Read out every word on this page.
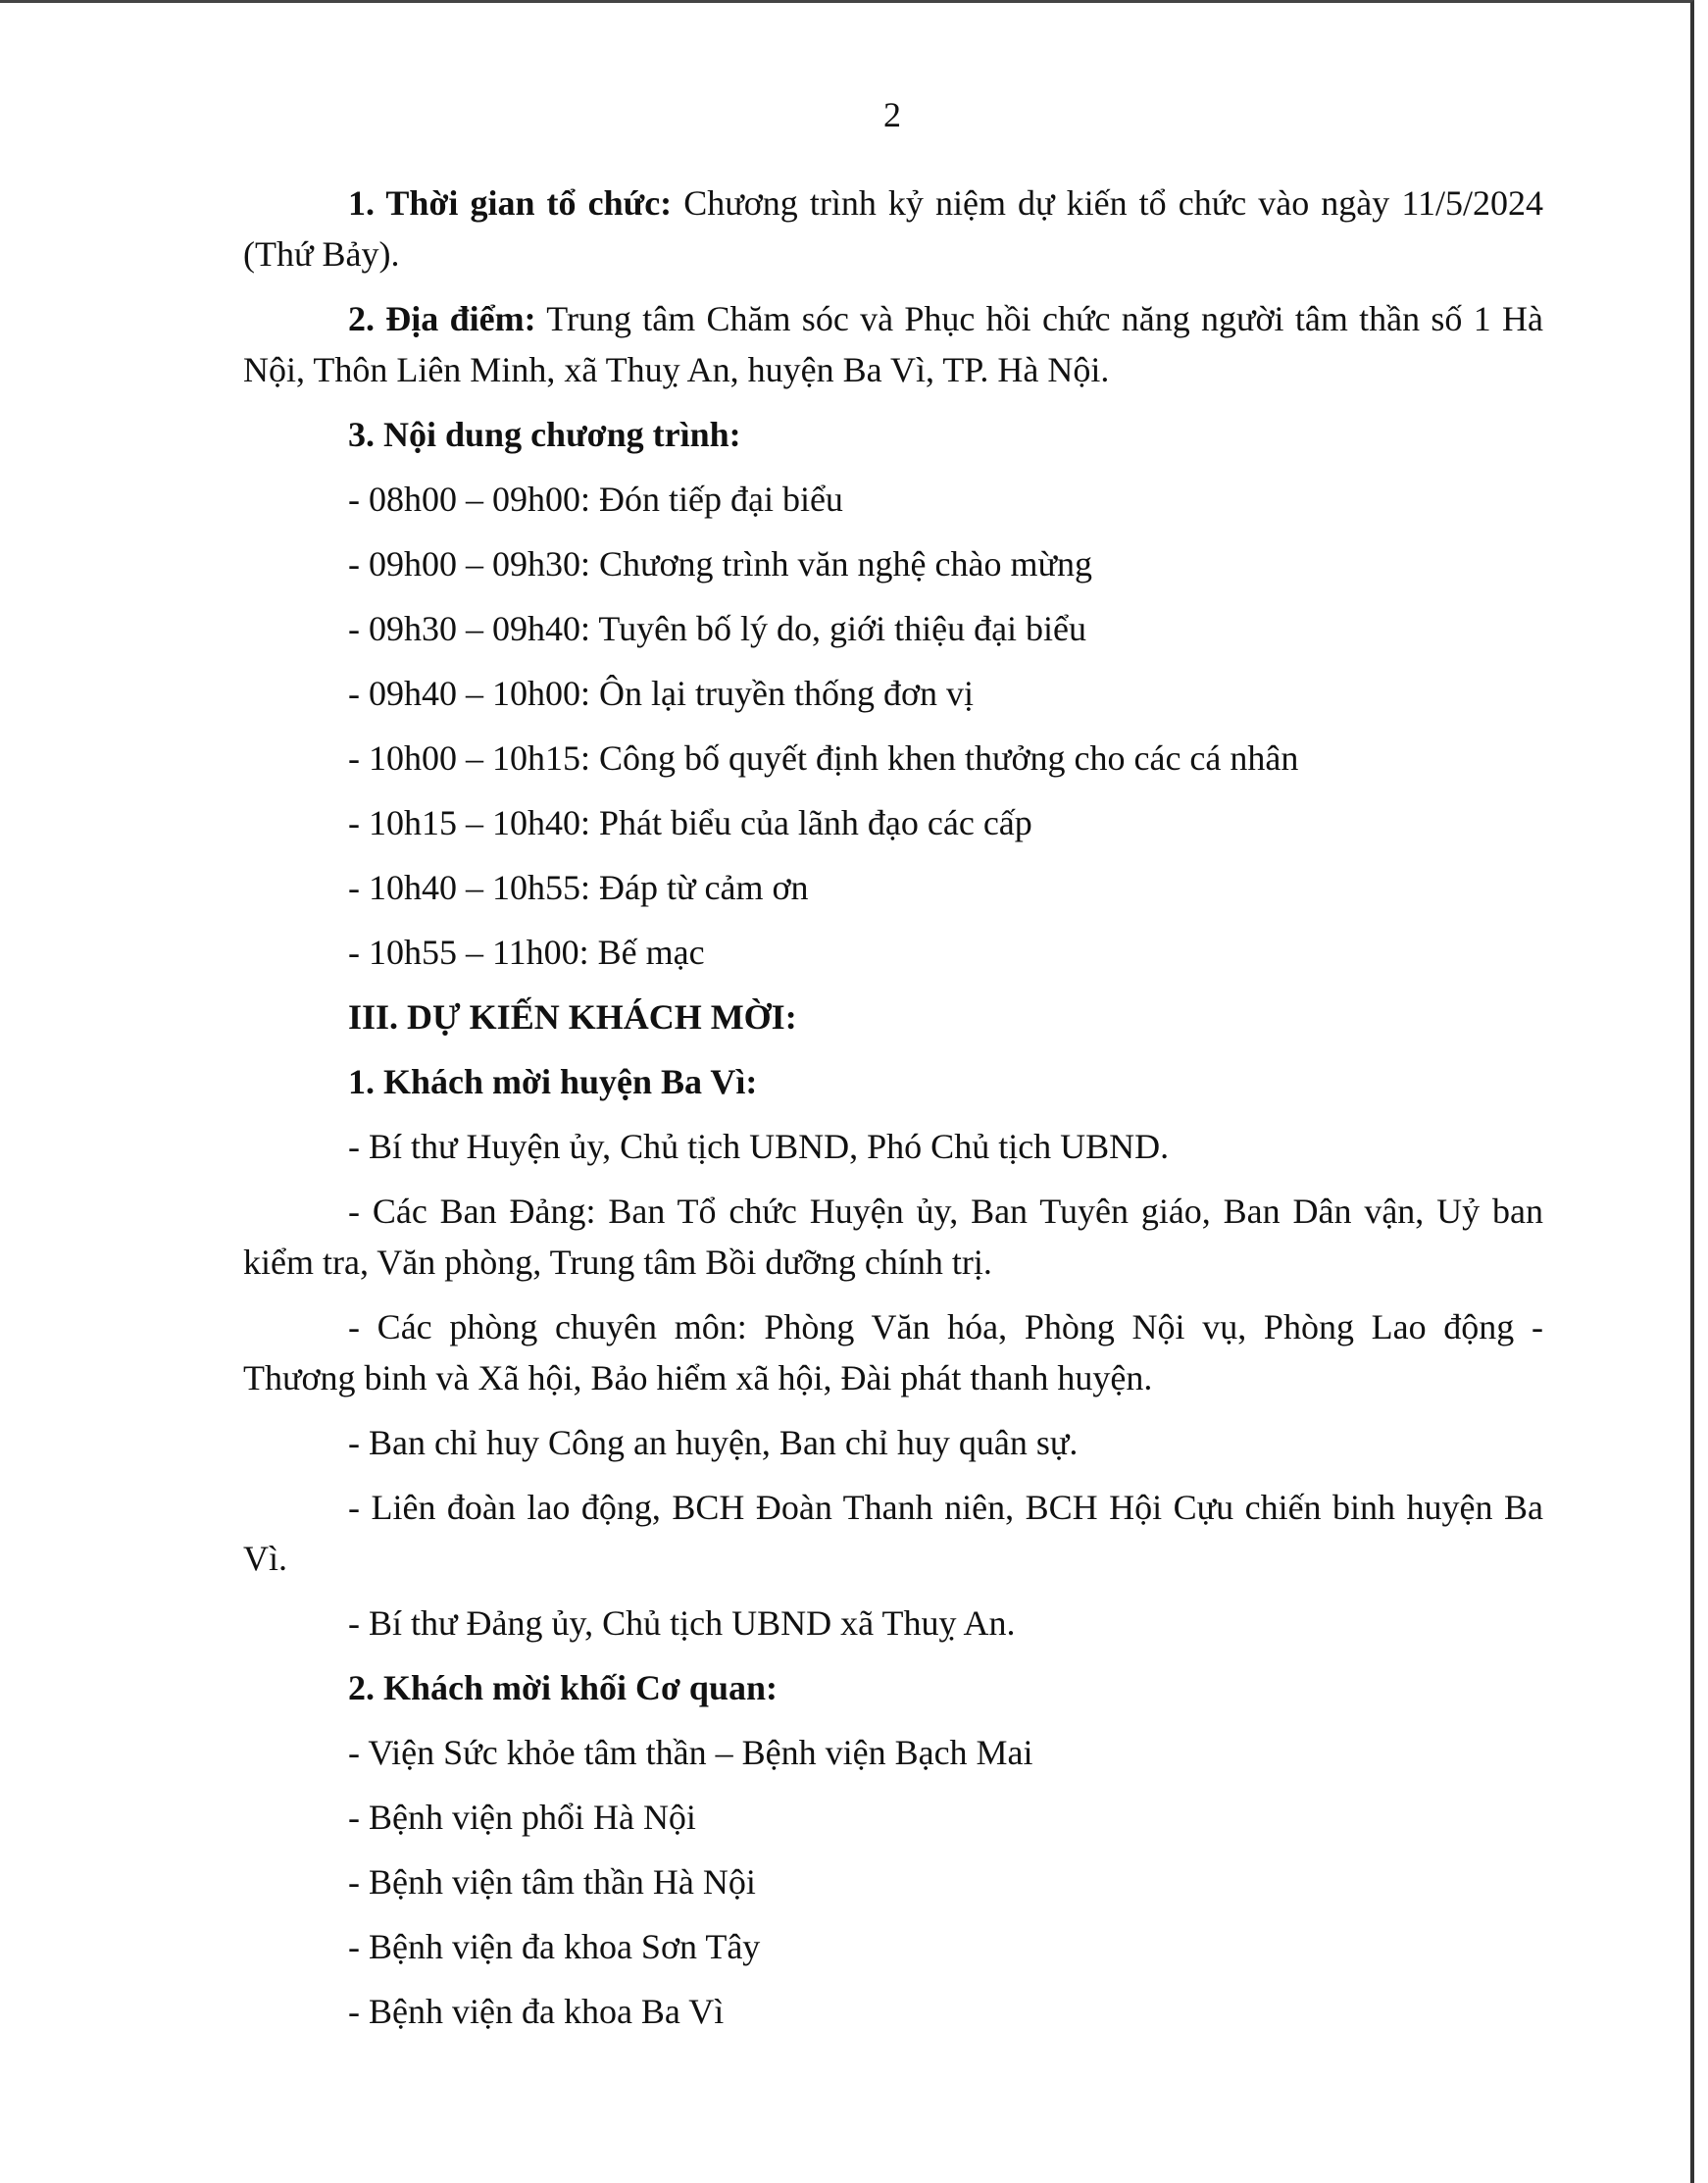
2

1. Thời gian tổ chức: Chương trình kỷ niệm dự kiến tổ chức vào ngày 11/5/2024 (Thứ Bảy).

2. Địa điểm: Trung tâm Chăm sóc và Phục hồi chức năng người tâm thần số 1 Hà Nội, Thôn Liên Minh, xã Thuỵ An, huyện Ba Vì, TP. Hà Nội.

3. Nội dung chương trình:

- 08h00 – 09h00: Đón tiếp đại biểu

- 09h00 – 09h30: Chương trình văn nghệ chào mừng

- 09h30 – 09h40: Tuyên bố lý do, giới thiệu đại biểu

- 09h40 – 10h00: Ôn lại truyền thống đơn vị

- 10h00 – 10h15: Công bố quyết định khen thưởng cho các cá nhân

- 10h15 – 10h40: Phát biểu của lãnh đạo các cấp

- 10h40 – 10h55: Đáp từ cảm ơn

- 10h55 – 11h00: Bế mạc

III. DỰ KIẾN KHÁCH MỜI:

1. Khách mời huyện Ba Vì:

- Bí thư Huyện ủy, Chủ tịch UBND, Phó Chủ tịch UBND.

- Các Ban Đảng: Ban Tổ chức Huyện ủy, Ban Tuyên giáo, Ban Dân vận, Uỷ ban kiểm tra, Văn phòng, Trung tâm Bồi dưỡng chính trị.

- Các phòng chuyên môn: Phòng Văn hóa, Phòng Nội vụ, Phòng Lao động - Thương binh và Xã hội, Bảo hiểm xã hội, Đài phát thanh huyện.

- Ban chỉ huy Công an huyện, Ban chỉ huy quân sự.

- Liên đoàn lao động, BCH Đoàn Thanh niên, BCH Hội Cựu chiến binh huyện Ba Vì.

- Bí thư Đảng ủy, Chủ tịch UBND xã Thuỵ An.

2. Khách mời khối Cơ quan:

- Viện Sức khỏe tâm thần – Bệnh viện Bạch Mai

- Bệnh viện phổi Hà Nội

- Bệnh viện tâm thần Hà Nội

- Bệnh viện đa khoa Sơn Tây

- Bệnh viện đa khoa Ba Vì
